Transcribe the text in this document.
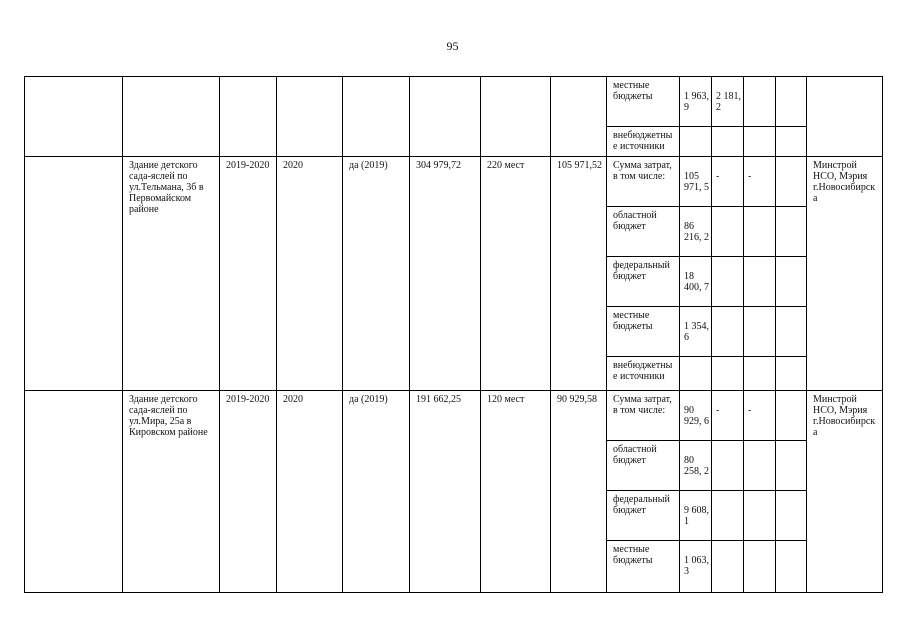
95
								местные бюджеты	1 963, 9	2 181, 2			

								внебюджетные источники					
	Здание детского сада-яслей по ул.Тельмана, 3б в Первомайском районе	2019-2020	2020	да (2019)	304 979,72	220 мест	105 971,52	Сумма затрат, в том числе:	105 971, 5	-	-		Минстрой НСО, Мэрия г.Новосибирска
								областной бюджет	86 216, 2				

								федеральный бюджет	18 400, 7				

								местные бюджеты	1 354, 6				

								внебюджетные источники					
	Здание детского сада-яслей по ул.Мира, 25а в Кировском районе	2019-2020	2020	да (2019)	191 662,25	120 мест	90 929,58	Сумма затрат, в том числе:	90 929, 6	-	-		Минстрой НСО, Мэрия г.Новосибирска
								областной бюджет	80 258, 2				

								федеральный бюджет	9 608, 1				

								местные бюджеты	1 063, 3				
